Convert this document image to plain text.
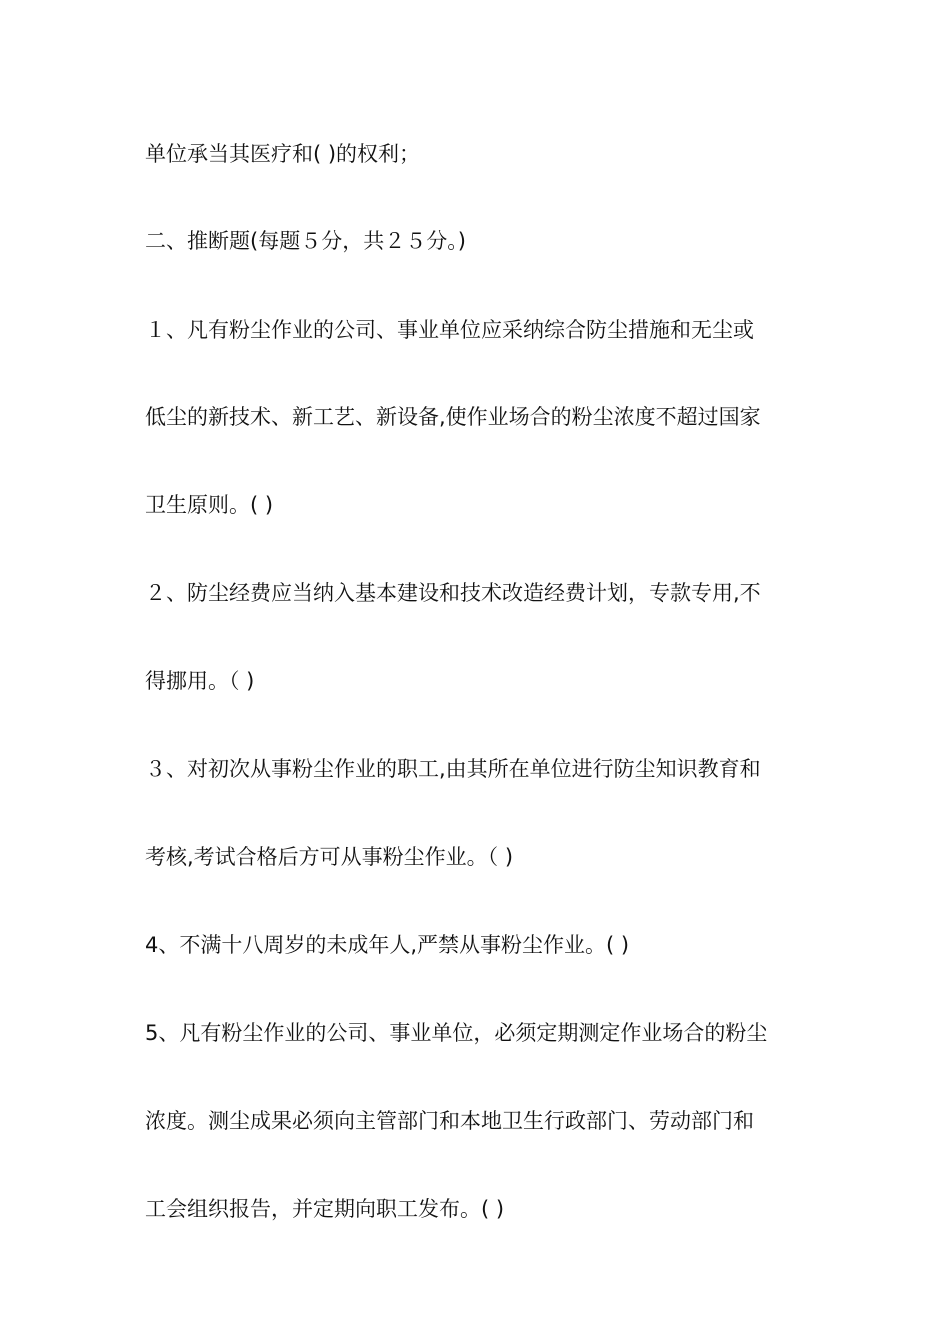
单位承当其医疗和( )的权利；
二、推断题(每题５分，共２５分。)
１、凡有粉尘作业的公司、事业单位应采纳综合防尘措施和无尘或
低尘的新技术、新工艺、新设备,使作业场合的粉尘浓度不超过国家
卫生原则。( )
２、防尘经费应当纳入基本建设和技术改造经费计划，专款专用,不
得挪用。（ )
３、对初次从事粉尘作业的职工,由其所在单位进行防尘知识教育和
考核,考试合格后方可从事粉尘作业。（ )
4、不满十八周岁的未成年人,严禁从事粉尘作业。( )
5、凡有粉尘作业的公司、事业单位，必须定期测定作业场合的粉尘
浓度。测尘成果必须向主管部门和本地卫生行政部门、劳动部门和
工会组织报告，并定期向职工发布。( )
